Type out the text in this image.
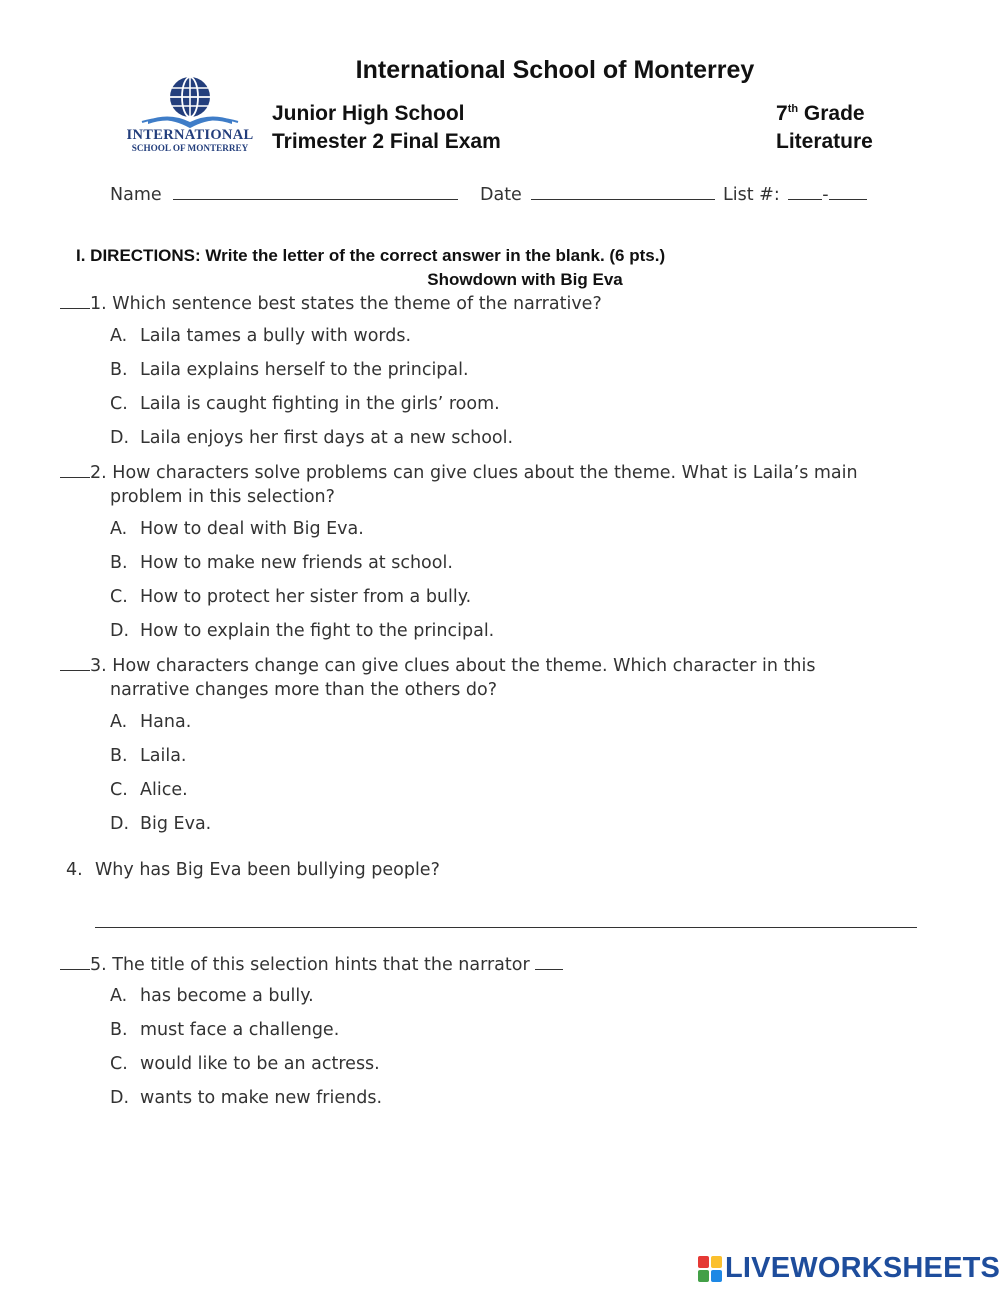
International School of Monterrey
INTERNATIONAL
SCHOOL OF MONTERREY
Junior High School
Trimester 2 Final Exam
7th Grade
Literature
Name	Date	List #: -
I. DIRECTIONS: Write the letter of the correct answer in the blank. (6 pts.)
Showdown with Big Eva
1. Which sentence best states the theme of the narrative?
A. Laila tames a bully with words.
B. Laila explains herself to the principal.
C. Laila is caught fighting in the girls’ room.
D. Laila enjoys her first days at a new school.
2. How characters solve problems can give clues about the theme. What is Laila’s main
problem in this selection?
A. How to deal with Big Eva.
B. How to make new friends at school.
C. How to protect her sister from a bully.
D. How to explain the fight to the principal.
3. How characters change can give clues about the theme. Which character in this
narrative changes more than the others do?
A. Hana.
B. Laila.
C. Alice.
D. Big Eva.
4. Why has Big Eva been bullying people?
5. The title of this selection hints that the narrator
A. has become a bully.
B. must face a challenge.
C. would like to be an actress.
D. wants to make new friends.
LIVEWORKSHEETS
